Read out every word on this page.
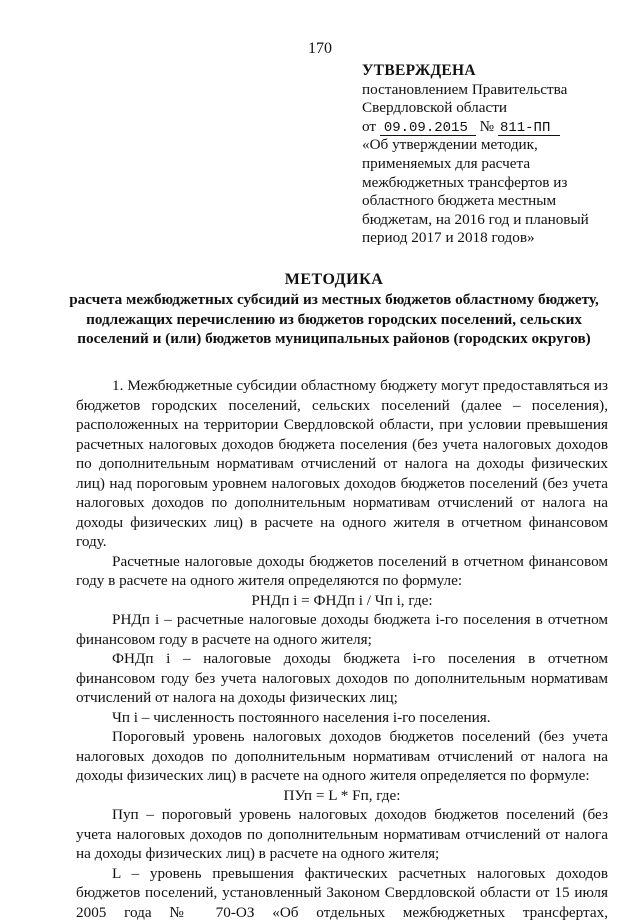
170
УТВЕРЖДЕНА
постановлением Правительства
Свердловской области
от 09.09.2015 № 811-ПП
«Об утверждении методик, применяемых для расчета межбюджетных трансфертов из областного бюджета местным бюджетам, на 2016 год и плановый период 2017 и 2018 годов»
МЕТОДИКА
расчета межбюджетных субсидий из местных бюджетов областному бюджету, подлежащих перечислению из бюджетов городских поселений, сельских поселений и (или) бюджетов муниципальных районов (городских округов)

1. Межбюджетные субсидии областному бюджету могут предоставляться из бюджетов городских поселений, сельских поселений (далее – поселения), расположенных на территории Свердловской области, при условии превышения расчетных налоговых доходов бюджета поселения (без учета налоговых доходов по дополнительным нормативам отчислений от налога на доходы физических лиц) над пороговым уровнем налоговых доходов бюджетов поселений (без учета налоговых доходов по дополнительным нормативам отчислений от налога на доходы физических лиц) в расчете на одного жителя в отчетном финансовом году.

Расчетные налоговые доходы бюджетов поселений в отчетном финансовом году в расчете на одного жителя определяются по формуле:

РНДп i = ФНДп i / Чп i, где:

РНДп i – расчетные налоговые доходы бюджета i-го поселения в отчетном финансовом году в расчете на одного жителя;

ФНДп i – налоговые доходы бюджета i-го поселения в отчетном финансовом году без учета налоговых доходов по дополнительным нормативам отчислений от налога на доходы физических лиц;

Чп i – численность постоянного населения i-го поселения.

Пороговый уровень налоговых доходов бюджетов поселений (без учета налоговых доходов по дополнительным нормативам отчислений от налога на доходы физических лиц) в расчете на одного жителя определяется по формуле:

ПУп = L * Fп, где:

Пуп – пороговый уровень налоговых доходов бюджетов поселений (без учета налоговых доходов по дополнительным нормативам отчислений от налога на доходы физических лиц) в расчете на одного жителя;

L – уровень превышения фактических расчетных налоговых доходов бюджетов поселений, установленный Законом Свердловской области от 15 июля 2005 года № 70-ОЗ «Об отдельных межбюджетных трансфертах,
